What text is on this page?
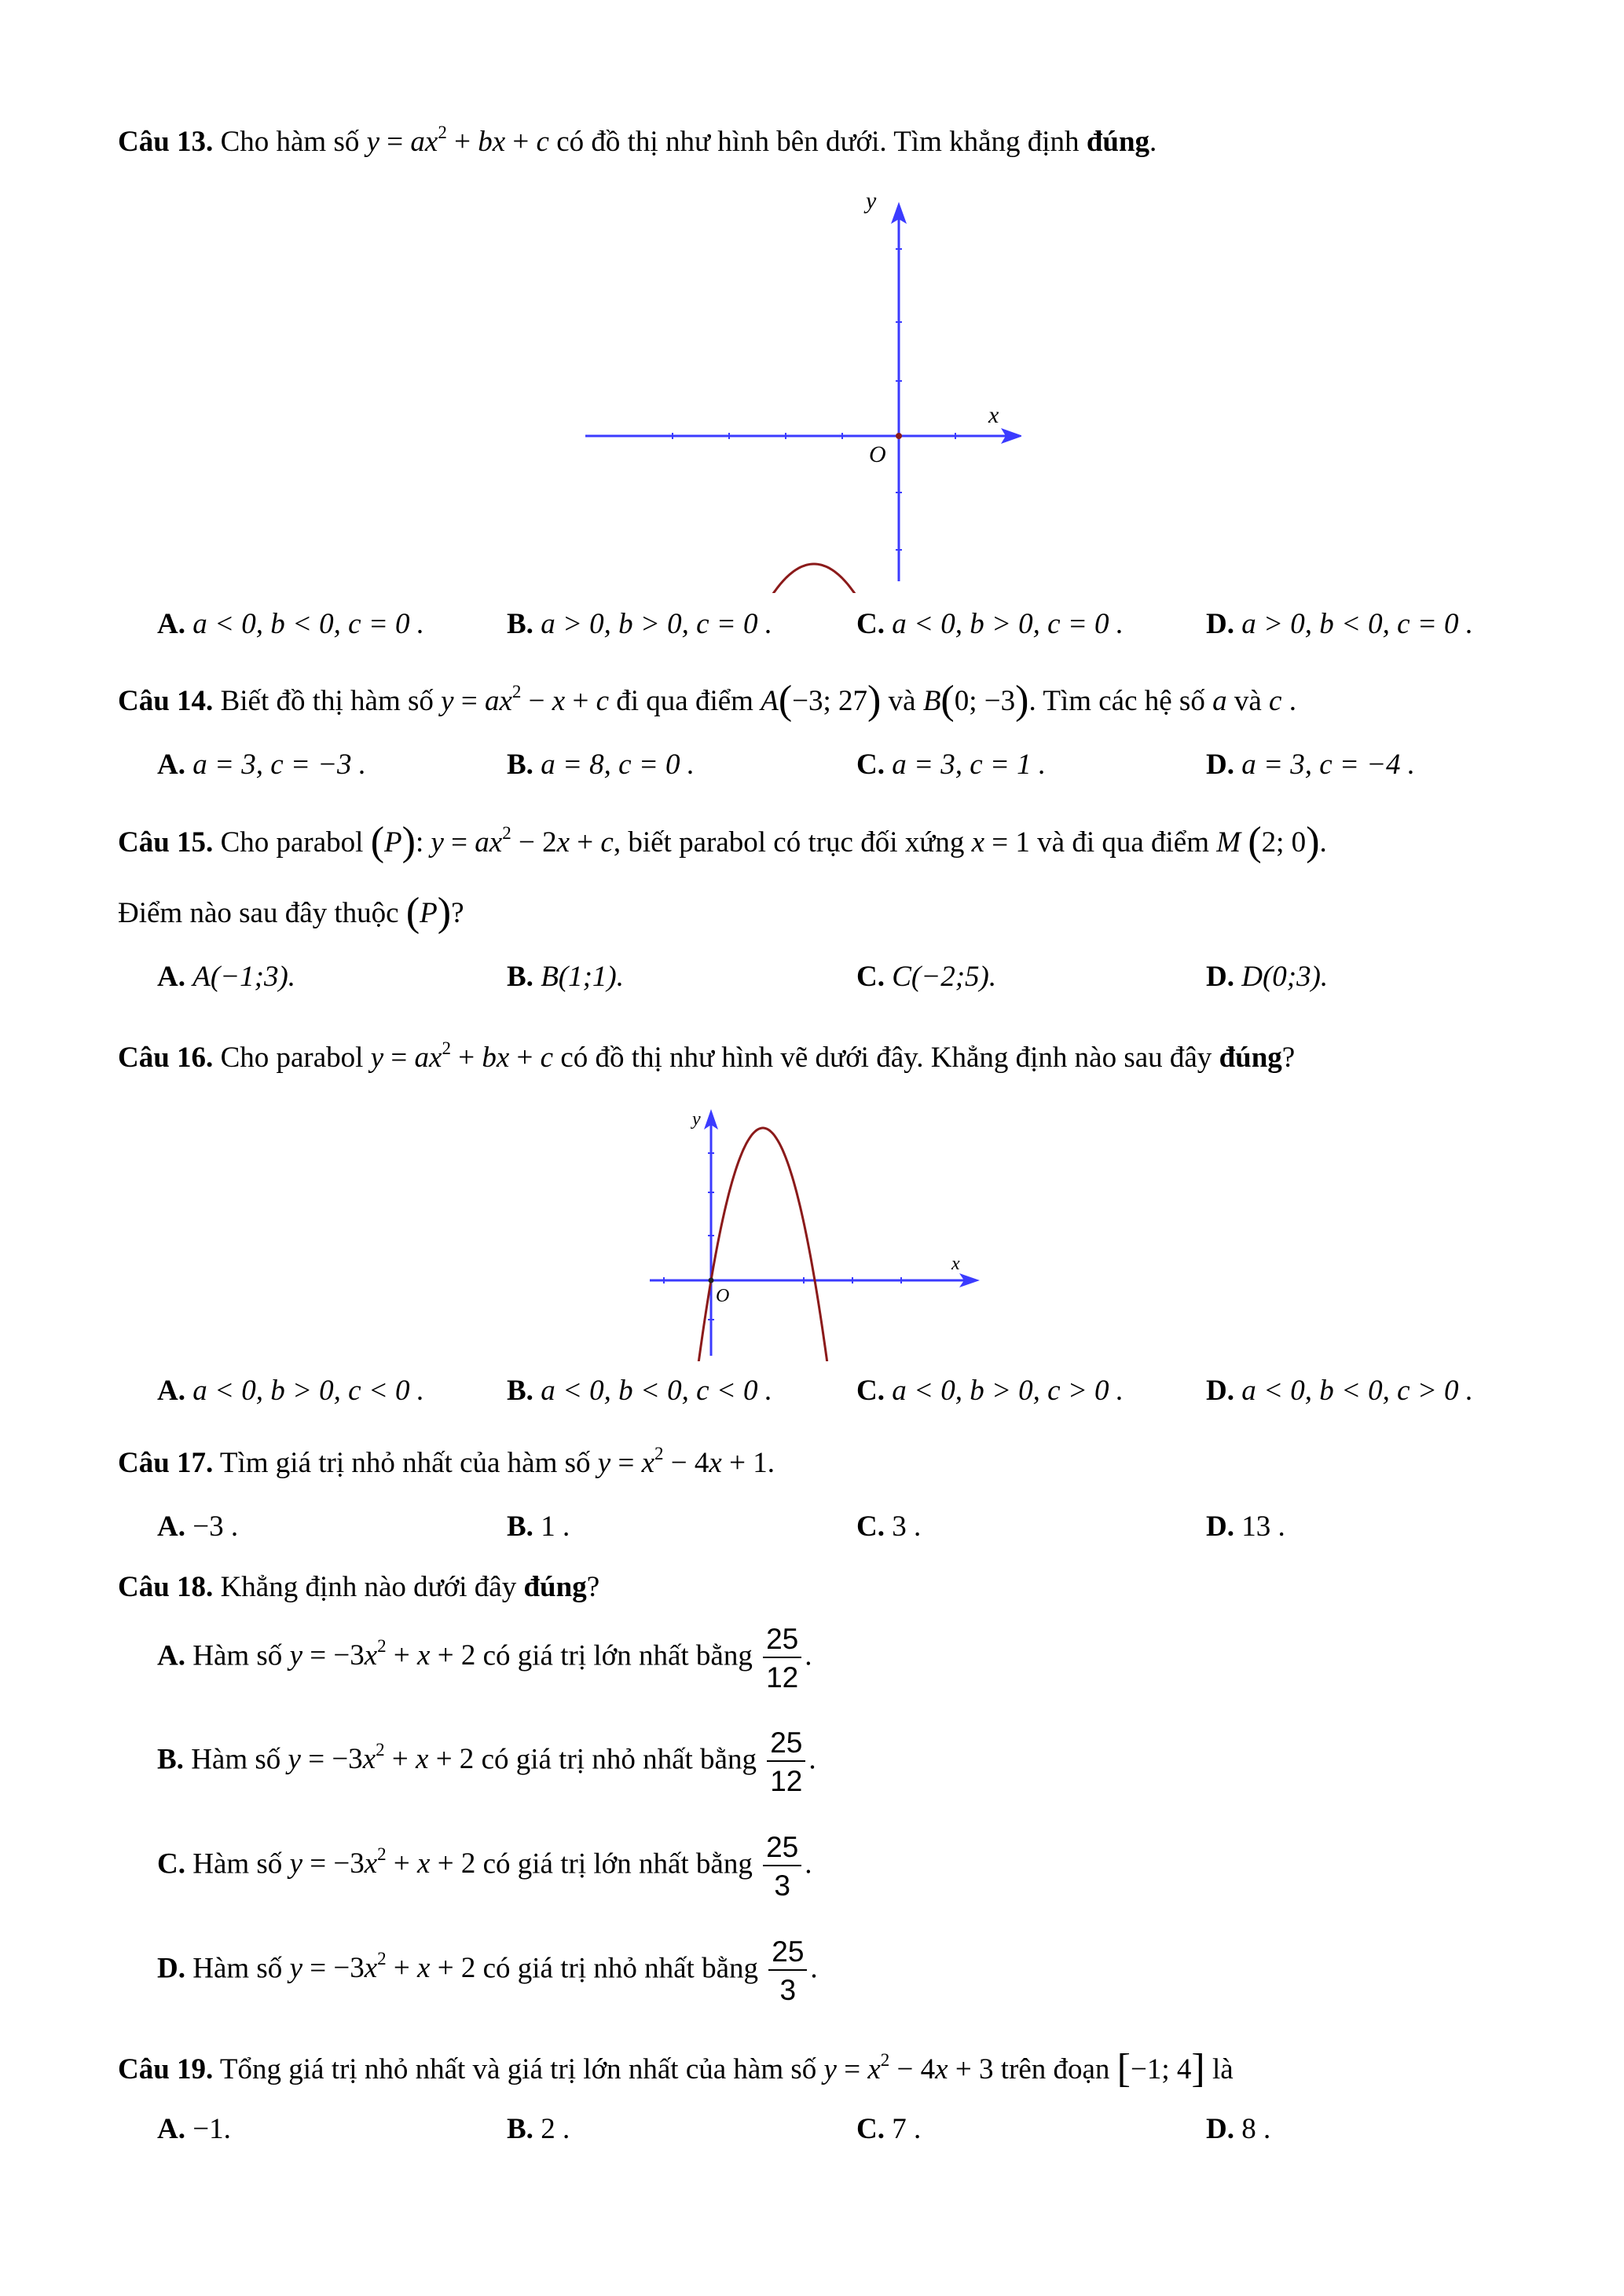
Câu 13. Cho hàm số $y = ax^2$ + bx + c có đồ thị như hình bên dưới. Tìm khẳng định đúng.
y
x
O
A. a < 0, b < 0, c = 0 .	B. a > 0, b > 0, c = 0 .	C. a < 0, b > 0, c = 0 .	D. a > 0, b < 0, c = 0 .
Câu 14. Biết đồ thị hàm số $y = ax^2 - x + c$ đi qua điểm A(−3; 27) và B(0; −3). Tìm các hệ số a và c .
A. a = 3, c = −3 .	B. a = 8, c = 0 .	C. a = 3, c = 1 .	D. a = 3, c = −4 .
Câu 15. Cho parabol (P): $y = ax^2 - 2x + c$, biết parabol có trục đối xứng x = 1 và đi qua điểm M (2; 0).
Điểm nào sau đây thuộc (P)?
A. A(−1;3).	B. B(1;1).	C. C(−2;5).	D. D(0;3).
Câu 16. Cho parabol $y = ax^2$ + bx + c có đồ thị như hình vẽ dưới đây. Khẳng định nào sau đây đúng?
y
x
O
A. a < 0, b > 0, c < 0 .	B. a < 0, b < 0, c < 0 .	C. a < 0, b > 0, c > 0 .	D. a < 0, b < 0, c > 0 .
Câu 17. Tìm giá trị nhỏ nhất của hàm số $y = x^2 - 4x + 1$.
A. −3 .	B. 1 .	C. 3 .	D. 13 .
Câu 18. Khẳng định nào dưới đây đúng?
A. Hàm số $y = -3x^2 + x + 2$ có giá trị lớn nhất bằng $\frac{25}{12}$ .
B. Hàm số $y = -3x^2 + x + 2$ có giá trị nhỏ nhất bằng $\frac{25}{12}$ .
C. Hàm số $y = -3x^2 + x + 2$ có giá trị lớn nhất bằng $\frac{25}{3}$ .
D. Hàm số $y = -3x^2 + x + 2$ có giá trị nhỏ nhất bằng $\frac{25}{3}$ .
Câu 19. Tổng giá trị nhỏ nhất và giá trị lớn nhất của hàm số $y = x^2 - 4x + 3$ trên đoạn [−1; 4] là
A. −1.	B. 2 .	C. 7 .	D. 8 .
